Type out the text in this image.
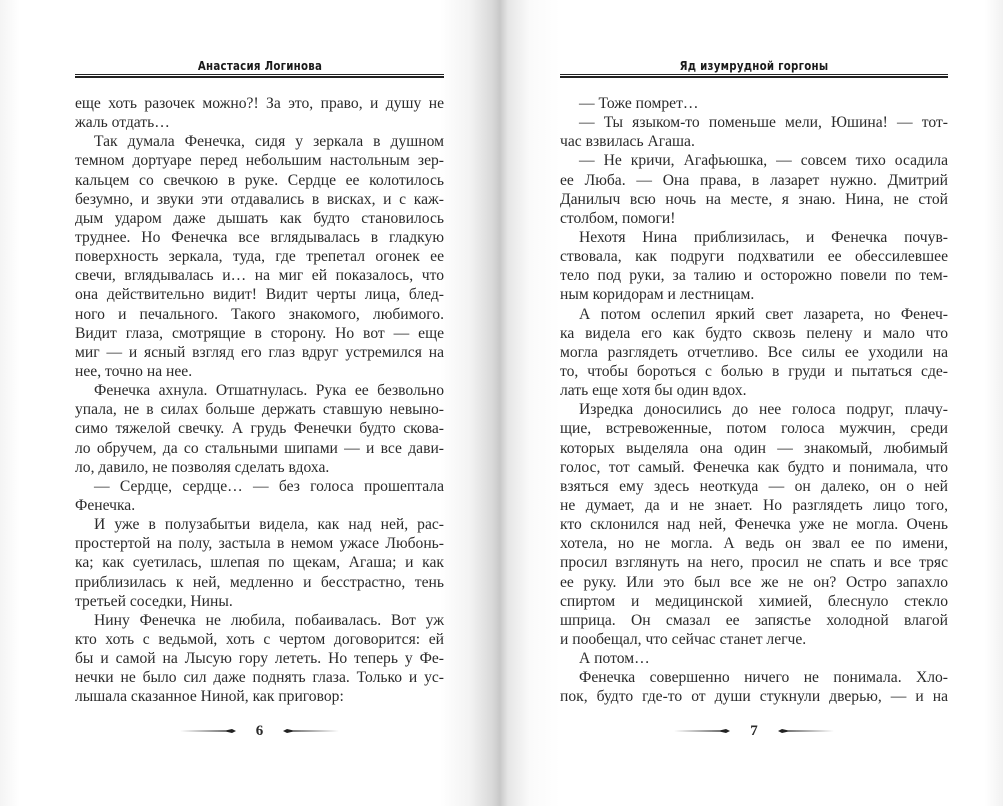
Анастасия Логинова
еще хоть разочек можно?! За это, право, и душу не
жаль отдать…
Так думала Фенечка, сидя у зеркала в душном
темном дортуаре перед небольшим настольным зер-
кальцем со свечкою в руке. Сердце ее колотилось
безумно, и звуки эти отдавались в висках, и с каж-
дым ударом даже дышать как будто становилось
труднее. Но Фенечка все вглядывалась в гладкую
поверхность зеркала, туда, где трепетал огонек ее
свечи, вглядывалась и… на миг ей показалось, что
она действительно видит! Видит черты лица, блед-
ного и печального. Такого знакомого, любимого.
Видит глаза, смотрящие в сторону. Но вот — еще
миг — и ясный взгляд его глаз вдруг устремился на
нее, точно на нее.
Фенечка ахнула. Отшатнулась. Рука ее безвольно
упала, не в силах больше держать ставшую невыно-
симо тяжелой свечку. А грудь Фенечки будто скова-
ло обручем, да со стальными шипами — и все дави-
ло, давило, не позволяя сделать вдоха.
— Сердце, сердце… — без голоса прошептала
Фенечка.
И уже в полузабытьи видела, как над ней, рас-
простертой на полу, застыла в немом ужасе Любонь-
ка; как суетилась, шлепая по щекам, Агаша; и как
приблизилась к ней, медленно и бесстрастно, тень
третьей соседки, Нины.
Нину Фенечка не любила, побаивалась. Вот уж
кто хоть с ведьмой, хоть с чертом договорится: ей
бы и самой на Лысую гору лететь. Но теперь у Фе-
нечки не было сил даже поднять глаза. Только и ус-
лышала сказанное Ниной, как приговор:
6
Яд изумрудной горгоны
— Тоже помрет…
— Ты языком-то поменьше мели, Юшина! — тот-
час взвилась Агаша.
— Не кричи, Агафьюшка, — совсем тихо осадила
ее Люба. — Она права, в лазарет нужно. Дмитрий
Данилыч всю ночь на месте, я знаю. Нина, не стой
столбом, помоги!
Нехотя Нина приблизилась, и Фенечка почув-
ствовала, как подруги подхватили ее обессилевшее
тело под руки, за талию и осторожно повели по тем-
ным коридорам и лестницам.
А потом ослепил яркий свет лазарета, но Фенеч-
ка видела его как будто сквозь пелену и мало что
могла разглядеть отчетливо. Все силы ее уходили на
то, чтобы бороться с болью в груди и пытаться сде-
лать еще хотя бы один вдох.
Изредка доносились до нее голоса подруг, плачу-
щие, встревоженные, потом голоса мужчин, среди
которых выделяла она один — знакомый, любимый
голос, тот самый. Фенечка как будто и понимала, что
взяться ему здесь неоткуда — он далеко, он о ней
не думает, да и не знает. Но разглядеть лицо того,
кто склонился над ней, Фенечка уже не могла. Очень
хотела, но не могла. А ведь он звал ее по имени,
просил взглянуть на него, просил не спать и все тряс
ее руку. Или это был все же не он? Остро запахло
спиртом и медицинской химией, блеснуло стекло
шприца. Он смазал ее запястье холодной влагой
и пообещал, что сейчас станет легче.
А потом…
Фенечка совершенно ничего не понимала. Хло-
пок, будто где-то от души стукнули дверью, — и на
7
